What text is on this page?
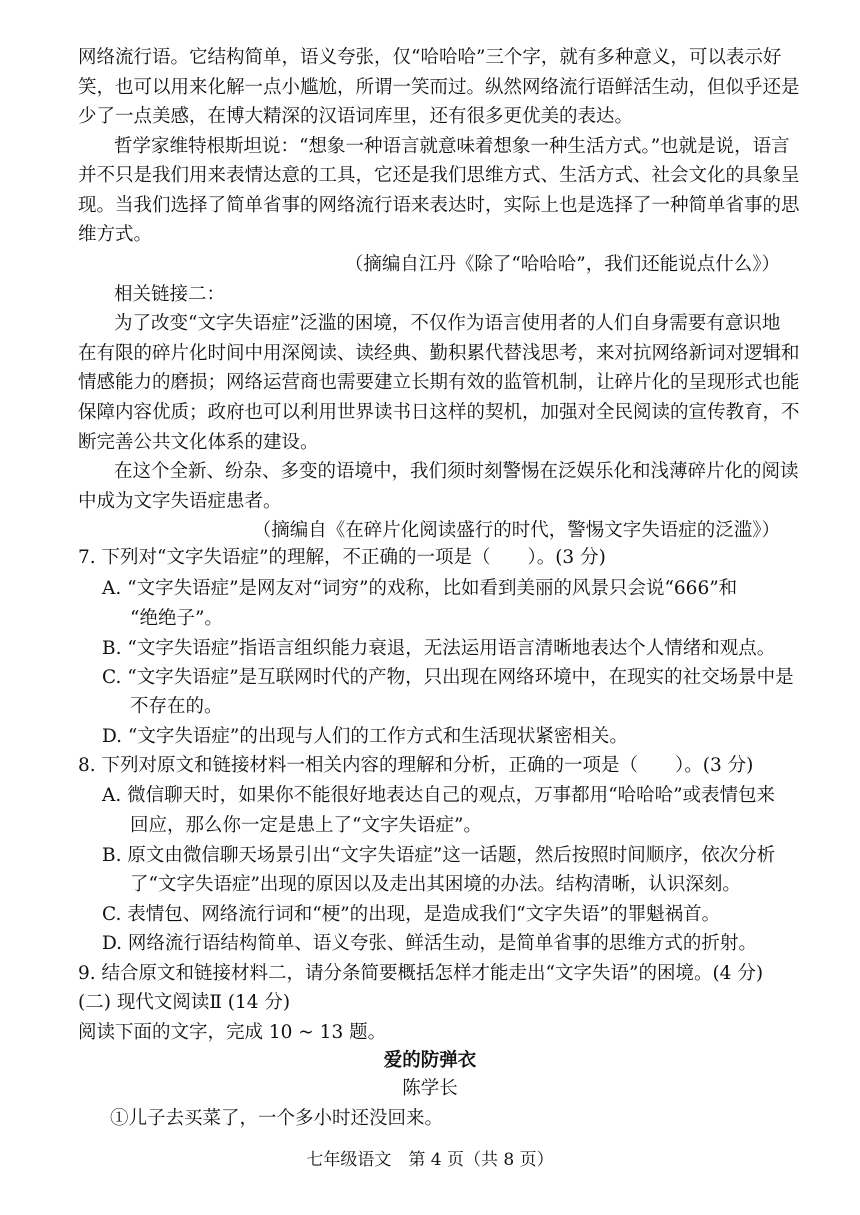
网络流行语。它结构简单，语义夸张，仅“哈哈哈”三个字，就有多种意义，可以表示好
笑，也可以用来化解一点小尴尬，所谓一笑而过。纵然网络流行语鲜活生动，但似乎还是
少了一点美感，在博大精深的汉语词库里，还有很多更优美的表达。
哲学家维特根斯坦说：“想象一种语言就意味着想象一种生活方式。”也就是说，语言
并不只是我们用来表情达意的工具，它还是我们思维方式、生活方式、社会文化的具象呈
现。当我们选择了简单省事的网络流行语来表达时，实际上也是选择了一种简单省事的思
维方式。
（摘编自江丹《除了“哈哈哈”，我们还能说点什么》）
相关链接二：
为了改变“文字失语症”泛滥的困境，不仅作为语言使用者的人们自身需要有意识地
在有限的碎片化时间中用深阅读、读经典、勤积累代替浅思考，来对抗网络新词对逻辑和
情感能力的磨损；网络运营商也需要建立长期有效的监管机制，让碎片化的呈现形式也能
保障内容优质；政府也可以利用世界读书日这样的契机，加强对全民阅读的宣传教育，不
断完善公共文化体系的建设。
在这个全新、纷杂、多变的语境中，我们须时刻警惕在泛娱乐化和浅薄碎片化的阅读
中成为文字失语症患者。
（摘编自《在碎片化阅读盛行的时代，警惕文字失语症的泛滥》）
7. 下列对“文字失语症”的理解，不正确的一项是（　　）。(3 分)
A. “文字失语症”是网友对“词穷”的戏称，比如看到美丽的风景只会说“666”和
“绝绝子”。
B. “文字失语症”指语言组织能力衰退，无法运用语言清晰地表达个人情绪和观点。
C. “文字失语症”是互联网时代的产物，只出现在网络环境中，在现实的社交场景中是
不存在的。
D. “文字失语症”的出现与人们的工作方式和生活现状紧密相关。
8. 下列对原文和链接材料一相关内容的理解和分析，正确的一项是（　　）。(3 分)
A. 微信聊天时，如果你不能很好地表达自己的观点，万事都用“哈哈哈”或表情包来
回应，那么你一定是患上了“文字失语症”。
B. 原文由微信聊天场景引出“文字失语症”这一话题，然后按照时间顺序，依次分析
了“文字失语症”出现的原因以及走出其困境的办法。结构清晰，认识深刻。
C. 表情包、网络流行词和“梗”的出现，是造成我们“文字失语”的罪魁祸首。
D. 网络流行语结构简单、语义夸张、鲜活生动，是简单省事的思维方式的折射。
9. 结合原文和链接材料二，请分条简要概括怎样才能走出“文字失语”的困境。(4 分)
(二) 现代文阅读Ⅱ (14 分)
阅读下面的文字，完成 10 ~ 13 题。
爱的防弹衣
陈学长
①儿子去买菜了，一个多小时还没回来。
七年级语文　第 4 页（共 8 页）
